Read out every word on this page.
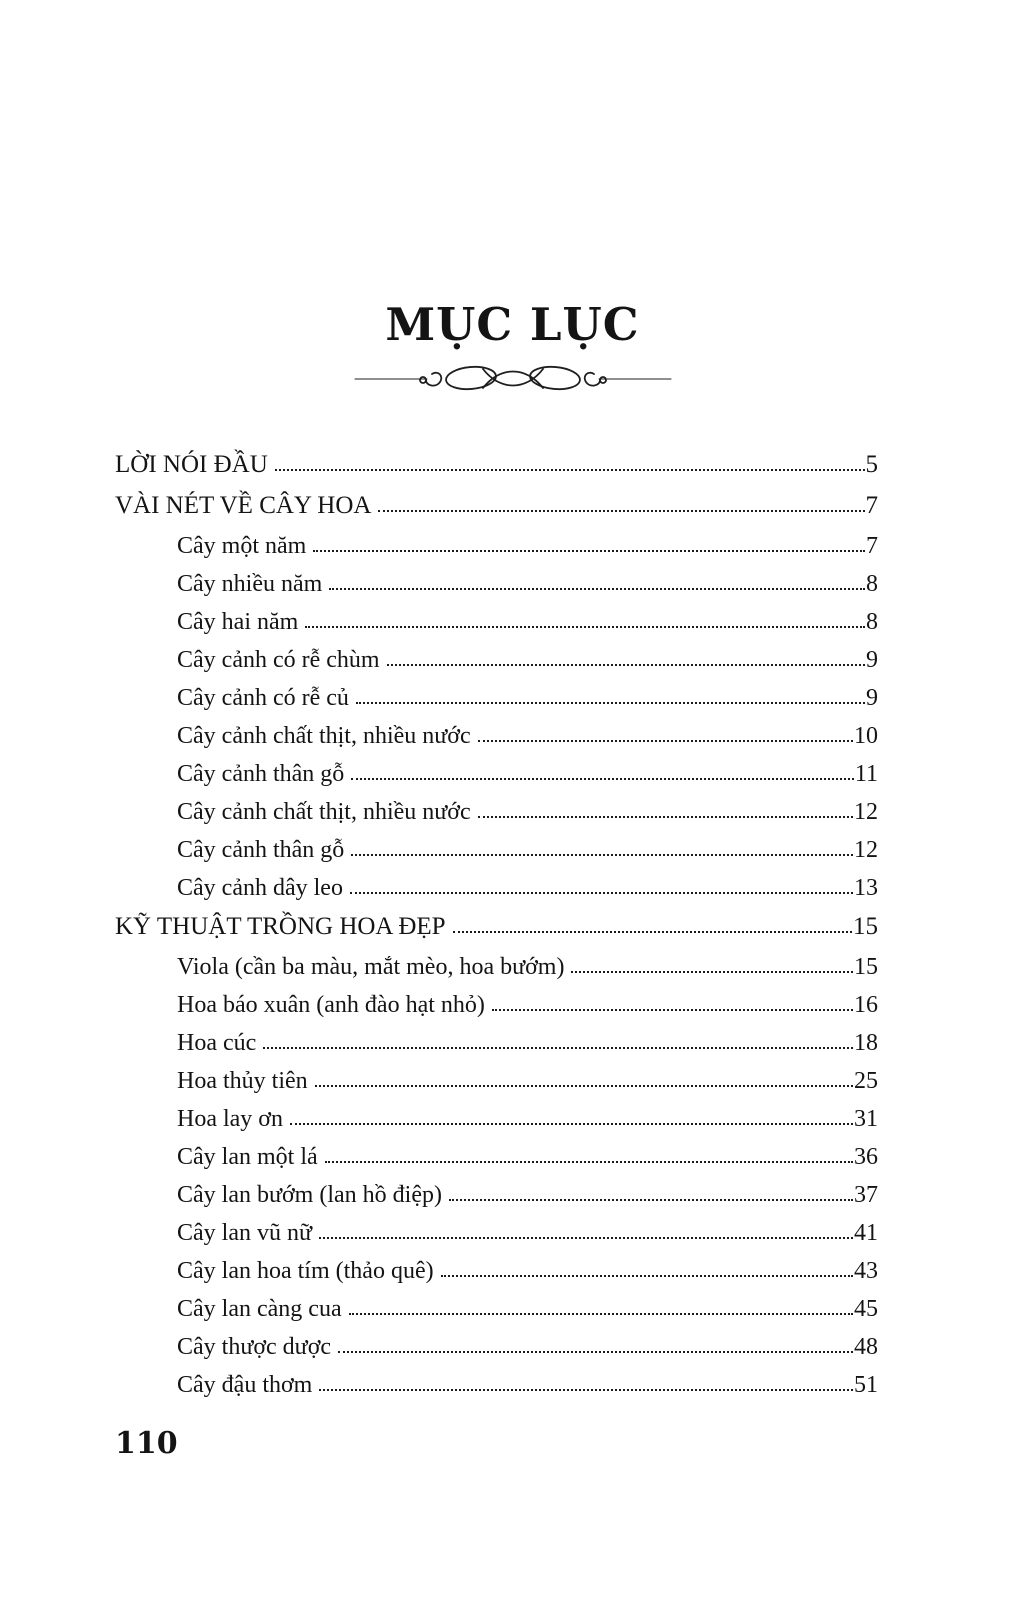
MỤC LỤC
LỜI NÓI ĐẦU	5
VÀI NÉT VỀ CÂY HOA	7
Cây một năm	7
Cây nhiều năm	8
Cây hai năm	8
Cây cảnh có rễ chùm	9
Cây cảnh có rễ củ	9
Cây cảnh chất thịt, nhiều nước	10
Cây cảnh thân gỗ	11
Cây cảnh chất thịt, nhiều nước	12
Cây cảnh thân gỗ	12
Cây cảnh dây leo	13
KỸ THUẬT TRỒNG HOA ĐẸP	15
Viola (cần ba màu, mắt mèo, hoa bướm)	15
Hoa báo xuân (anh đào hạt nhỏ)	16
Hoa cúc	18
Hoa thủy tiên	25
Hoa lay ơn	31
Cây lan một lá	36
Cây lan bướm (lan hồ điệp)	37
Cây lan vũ nữ	41
Cây lan hoa tím (thảo quê)	43
Cây lan càng cua	45
Cây thược dược	48
Cây đậu thơm	51
110
